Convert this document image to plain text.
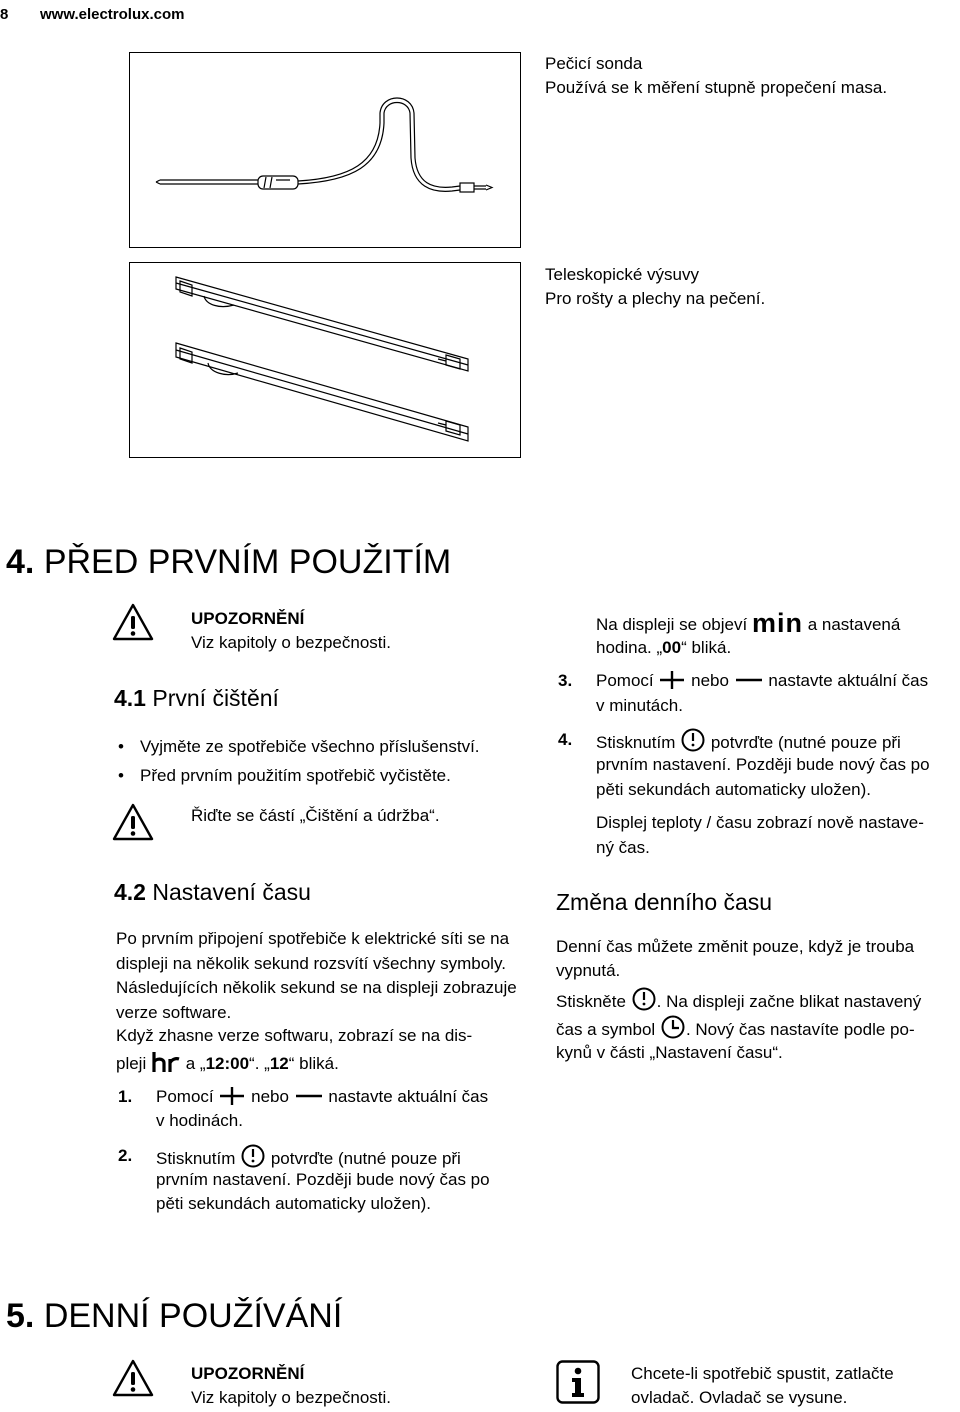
8 www.electrolux.com
Pečicí sonda
Používá se k měření stupně propečení masa.
Teleskopické výsuvy
Pro rošty a plechy na pečení.
4. PŘED PRVNÍM POUŽITÍM
UPOZORNĚNÍ
Viz kapitoly o bezpečnosti.
4.1 První čištění
• Vyjměte ze spotřebiče všechno příslušenství.
• Před prvním použitím spotřebič vyčistěte.
Řiďte se částí „Čištění a údržba“.
4.2 Nastavení času
Po prvním připojení spotřebiče k elektrické síti se na displeji na několik sekund rozsvítí všechny symboly. Následujících několik sekund se na displeji zobrazuje verze software.
Když zhasne verze softwaru, zobrazí se na dis-
pleji a „12:00“. „12“ bliká.
1. Pomocí nebo nastavte aktuální čas
v hodinách.
2. Stisknutím potvrďte (nutné pouze při
prvním nastavení. Později bude nový čas po
pěti sekundách automaticky uložen).
Na displeji se objeví min a nastavená
hodina. „00“ bliká.
3. Pomocí nebo nastavte aktuální čas
v minutách.
4. Stisknutím potvrďte (nutné pouze při
prvním nastavení. Později bude nový čas po
pěti sekundách automaticky uložen).
Displej teploty / času zobrazí nově nastave-
ný čas.
Změna denního času
Denní čas můžete změnit pouze, když je trouba
vypnutá.
Stiskněte . Na displeji začne blikat nastavený
čas a symbol . Nový čas nastavíte podle po-
kynů v části „Nastavení času“.
5. DENNÍ POUŽÍVÁNÍ
UPOZORNĚNÍ
Viz kapitoly o bezpečnosti.
Chcete-li spotřebič spustit, zatlačte
ovladač. Ovladač se vysune.
